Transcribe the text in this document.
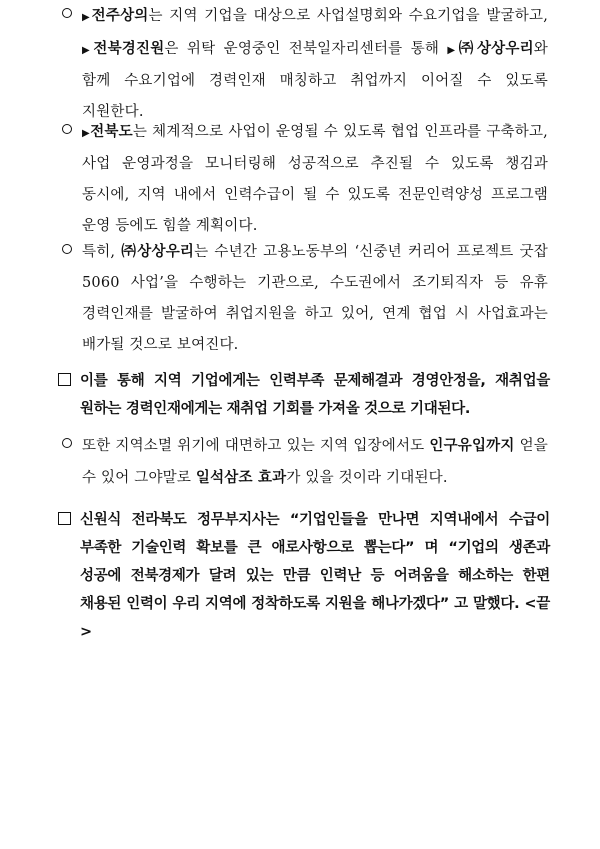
▶전주상의는 지역 기업을 대상으로 사업설명회와 수요기업을 발굴하고, ▶전북경진원은 위탁 운영중인 전북일자리센터를 통해 ▶㈜상상우리와 함께 수요기업에 경력인재 매칭하고 취업까지 이어질 수 있도록 지원한다.
▶전북도는 체계적으로 사업이 운영될 수 있도록 협업 인프라를 구축하고, 사업 운영과정을 모니터링해 성공적으로 추진될 수 있도록 챙김과 동시에, 지역 내에서 인력수급이 될 수 있도록 전문인력양성 프로그램 운영 등에도 힘쓸 계획이다.
특히, ㈜상상우리는 수년간 고용노동부의 ‘신중년 커리어 프로젝트 굿잡 5060 사업’을 수행하는 기관으로, 수도권에서 조기퇴직자 등 유휴 경력인재를 발굴하여 취업지원을 하고 있어, 연계 협업 시 사업효과는 배가될 것으로 보여진다.
이를 통해 지역 기업에게는 인력부족 문제해결과 경영안정을, 재취업을 원하는 경력인재에게는 재취업 기회를 가져올 것으로 기대된다.
또한 지역소멸 위기에 대면하고 있는 지역 입장에서도 인구유입까지 얻을 수 있어 그야말로 일석삼조 효과가 있을 것이라 기대된다.
신원식 전라북도 정무부지사는 “기업인들을 만나면 지역내에서 수급이 부족한 기술인력 확보를 큰 애로사항으로 뽑는다” 며 “기업의 생존과 성공에 전북경제가 달려 있는 만큼 인력난 등 어려움을 해소하는 한편 채용된 인력이 우리 지역에 정착하도록 지원을 해나가겠다” 고 말했다. <끝>
